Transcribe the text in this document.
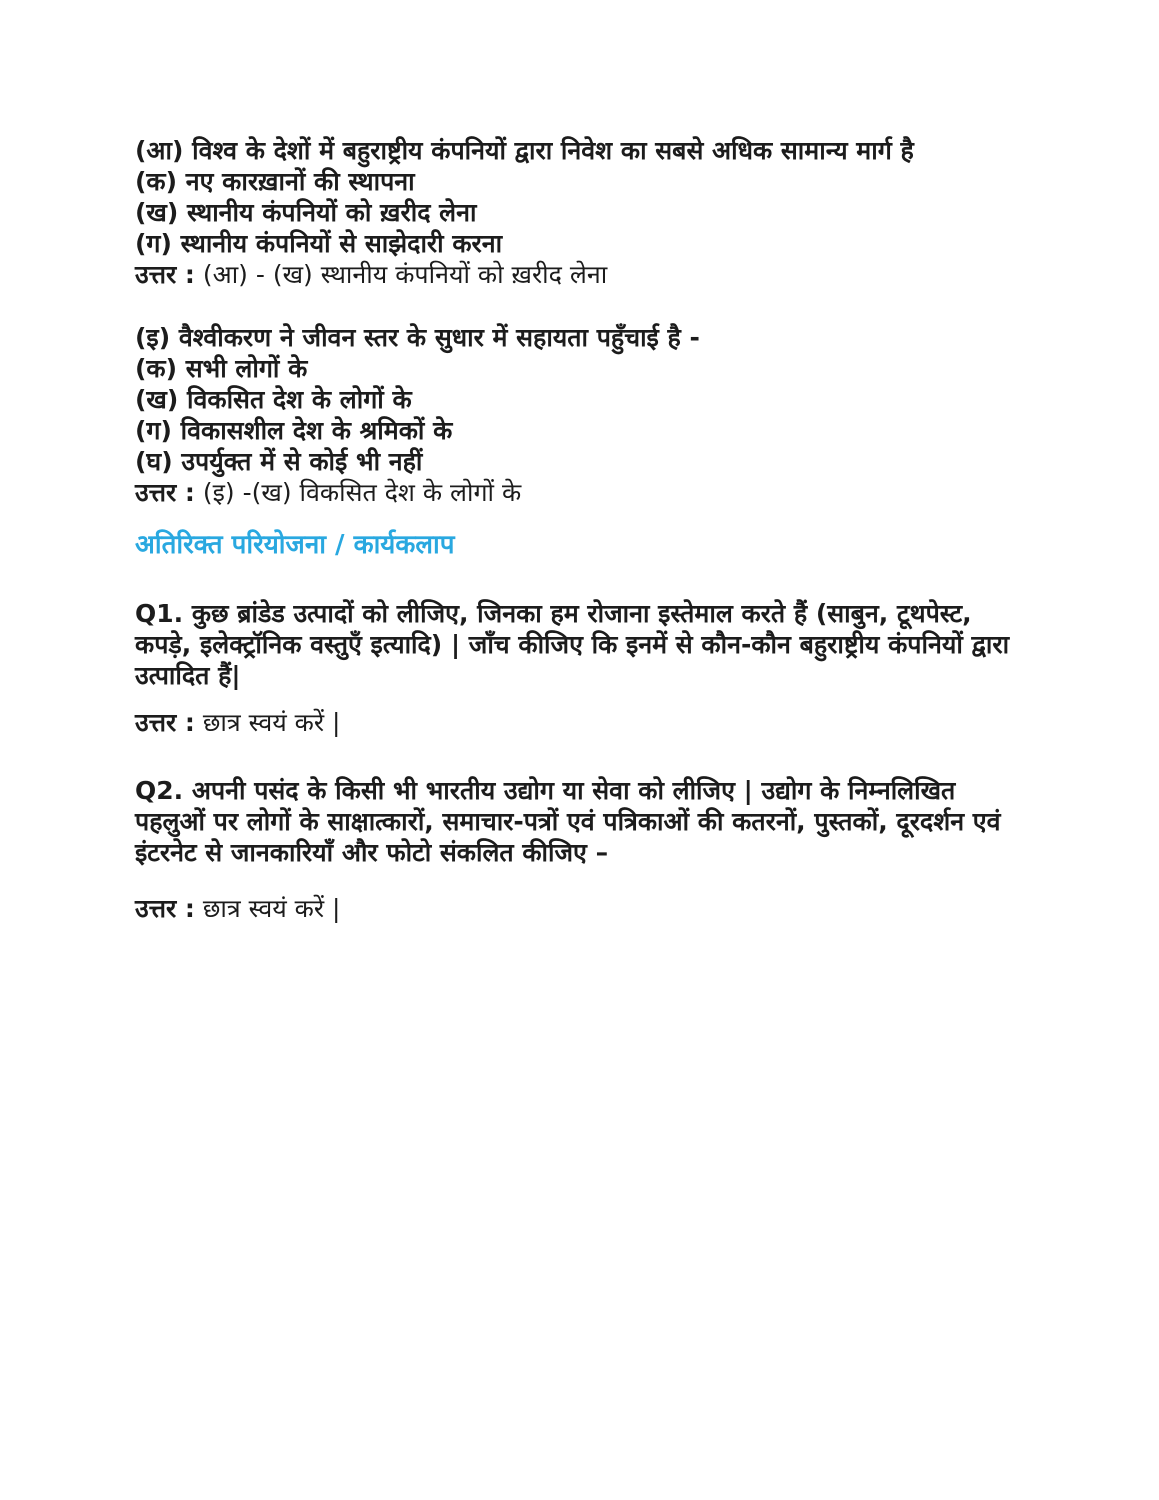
(आ) विश्व के देशों में बहुराष्ट्रीय कंपनियों द्वारा निवेश का सबसे अधिक सामान्य मार्ग है
(क) नए कारख़ानों की स्थापना
(ख) स्थानीय कंपनियों को ख़रीद लेना
(ग) स्थानीय कंपनियों से साझेदारी करना
उत्तर : (आ) - (ख) स्थानीय कंपनियों को ख़रीद लेना
(इ) वैश्वीकरण ने जीवन स्तर के सुधार में सहायता पहुँचाई है -
(क) सभी लोगों के
(ख) विकसित देश के लोगों के
(ग) विकासशील देश के श्रमिकों के
(घ) उपर्युक्त में से कोई भी नहीं
उत्तर : (इ) -(ख) विकसित देश के लोगों के
अतिरिक्त परियोजना / कार्यकलाप
Q1. कुछ ब्रांडेड उत्पादों को लीजिए, जिनका हम रोजाना इस्तेमाल करते हैं (साबुन, टूथपेस्ट,
कपड़े, इलेक्ट्रॉनिक वस्तुएँ इत्यादि) | जाँच कीजिए कि इनमें से कौन-कौन बहुराष्ट्रीय कंपनियों द्वारा
उत्पादित हैं|
उत्तर : छात्र स्वयं करें |
Q2. अपनी पसंद के किसी भी भारतीय उद्योग या सेवा को लीजिए | उद्योग के निम्नलिखित
पहलुओं पर लोगों के साक्षात्कारों, समाचार-पत्रों एवं पत्रिकाओं की कतरनों, पुस्तकों, दूरदर्शन एवं
इंटरनेट से जानकारियाँ और फोटो संकलित कीजिए –
उत्तर : छात्र स्वयं करें |
